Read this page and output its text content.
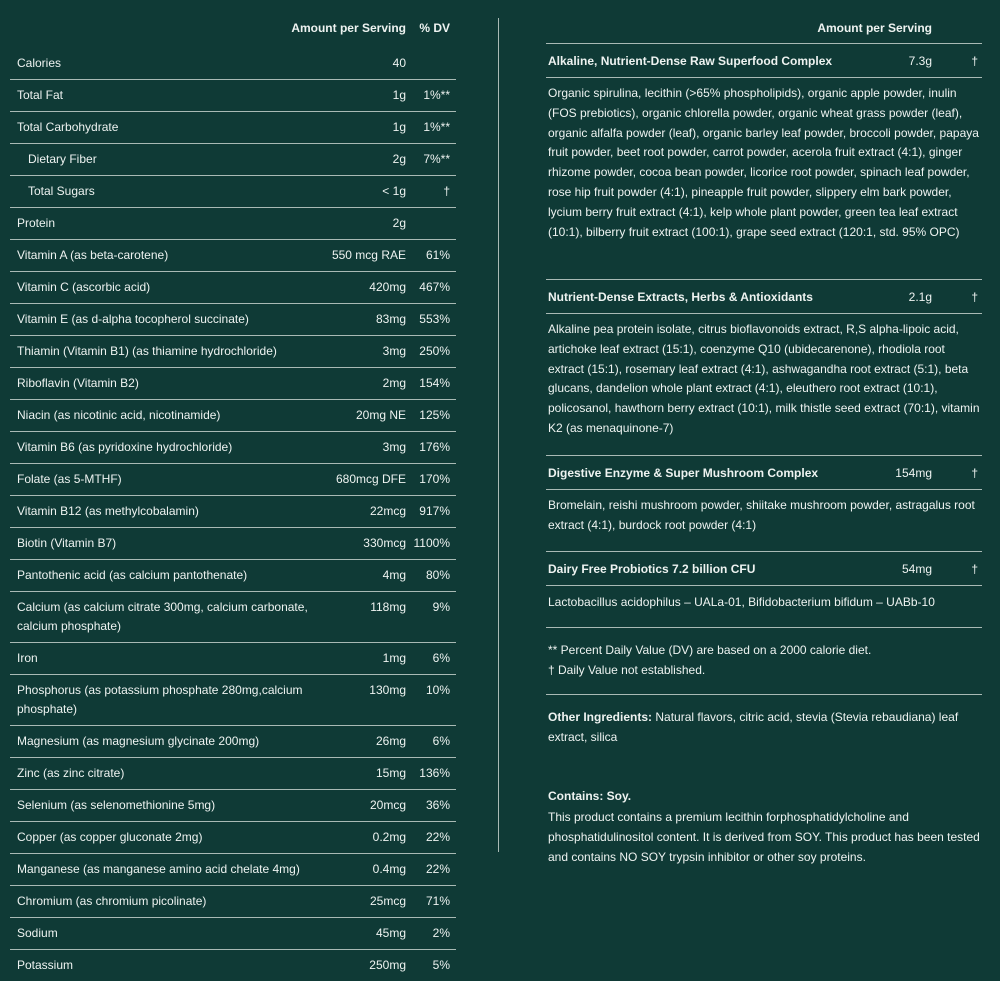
Amount per Serving % DV
Calories	40
Total Fat	1g 1%**
Total Carbohydrate	1g 1%**
Dietary Fiber	2g 7%**
Total Sugars	< 1g	†
Protein	2g
Vitamin A (as beta-carotene)	550 mcg RAE 61%
Vitamin C (ascorbic acid)	420mg 467%
Vitamin E (as d-alpha tocopherol succinate)	83mg 553%
Thiamin (Vitamin B1) (as thiamine hydrochloride)	3mg 250%
Riboflavin (Vitamin B2)	2mg 154%
Niacin (as nicotinic acid, nicotinamide)	20mg NE 125%
Vitamin B6 (as pyridoxine hydrochloride)	3mg 176%
Folate (as 5-MTHF)	680mcg DFE 170%
Vitamin B12 (as methylcobalamin)	22mcg 917%
Biotin (Vitamin B7)	330mcg 1100%
Pantothenic acid (as calcium pantothenate)	4mg 80%
Calcium (as calcium citrate 300mg, calcium carbonate, calcium phosphate)
118mg 9%
Iron	1mg 6%
Phosphorus (as potassium phosphate 280mg,calcium phosphate)
130mg 10%
Magnesium (as magnesium glycinate 200mg)	26mg 6%
Zinc (as zinc citrate)	15mg 136%
Selenium (as selenomethionine 5mg)	20mcg 36%
Copper (as copper gluconate 2mg)	0.2mg 22%
Manganese (as manganese amino acid chelate 4mg)	0.4mg 22%
Chromium (as chromium picolinate)	25mcg 71%
Sodium	45mg 2%
Potassium	250mg 5%
Amount per Serving
Alkaline, Nutrient-Dense Raw Superfood Complex	7.3g	†
Organic spirulina, lecithin (>65% phospholipids), organic apple powder, inulin (FOS prebiotics), organic chlorella powder, organic wheat grass powder (leaf), organic alfalfa powder (leaf), organic barley leaf powder, broccoli powder, papaya fruit powder, beet root powder, carrot powder, acerola fruit extract (4:1), ginger rhizome powder, cocoa bean powder, licorice root powder, spinach leaf powder, rose hip fruit powder (4:1), pineapple fruit powder, slippery elm bark powder, lycium berry fruit extract (4:1), kelp whole plant powder, green tea leaf extract (10:1), bilberry fruit extract (100:1), grape seed extract (120:1, std. 95% OPC)
Nutrient-Dense Extracts, Herbs & Antioxidants	2.1g	†
Alkaline pea protein isolate, citrus bioflavonoids extract, R,S alpha-lipoic acid, artichoke leaf extract (15:1), coenzyme Q10 (ubidecarenone), rhodiola root extract (15:1), rosemary leaf extract (4:1), ashwagandha root extract (5:1), beta glucans, dandelion whole plant extract (4:1), eleuthero root extract (10:1), policosanol, hawthorn berry extract (10:1), milk thistle seed extract (70:1), vitamin K2 (as menaquinone-7)
Digestive Enzyme & Super Mushroom Complex	154mg	†
Bromelain, reishi mushroom powder, shiitake mushroom powder, astragalus root extract (4:1), burdock root powder (4:1)
Dairy Free Probiotics 7.2 billion CFU	54mg	†
Lactobacillus acidophilus – UALa-01, Bifidobacterium bifidum – UABb-10
** Percent Daily Value (DV) are based on a 2000 calorie diet.
† Daily Value not established.
Other Ingredients: Natural flavors, citric acid, stevia (Stevia rebaudiana) leaf extract, silica
Contains: Soy.
This product contains a premium lecithin forphosphatidylcholine and phosphatidulinositol content. It is derived from SOY. This product has been tested and contains NO SOY trypsin inhibitor or other soy proteins.
